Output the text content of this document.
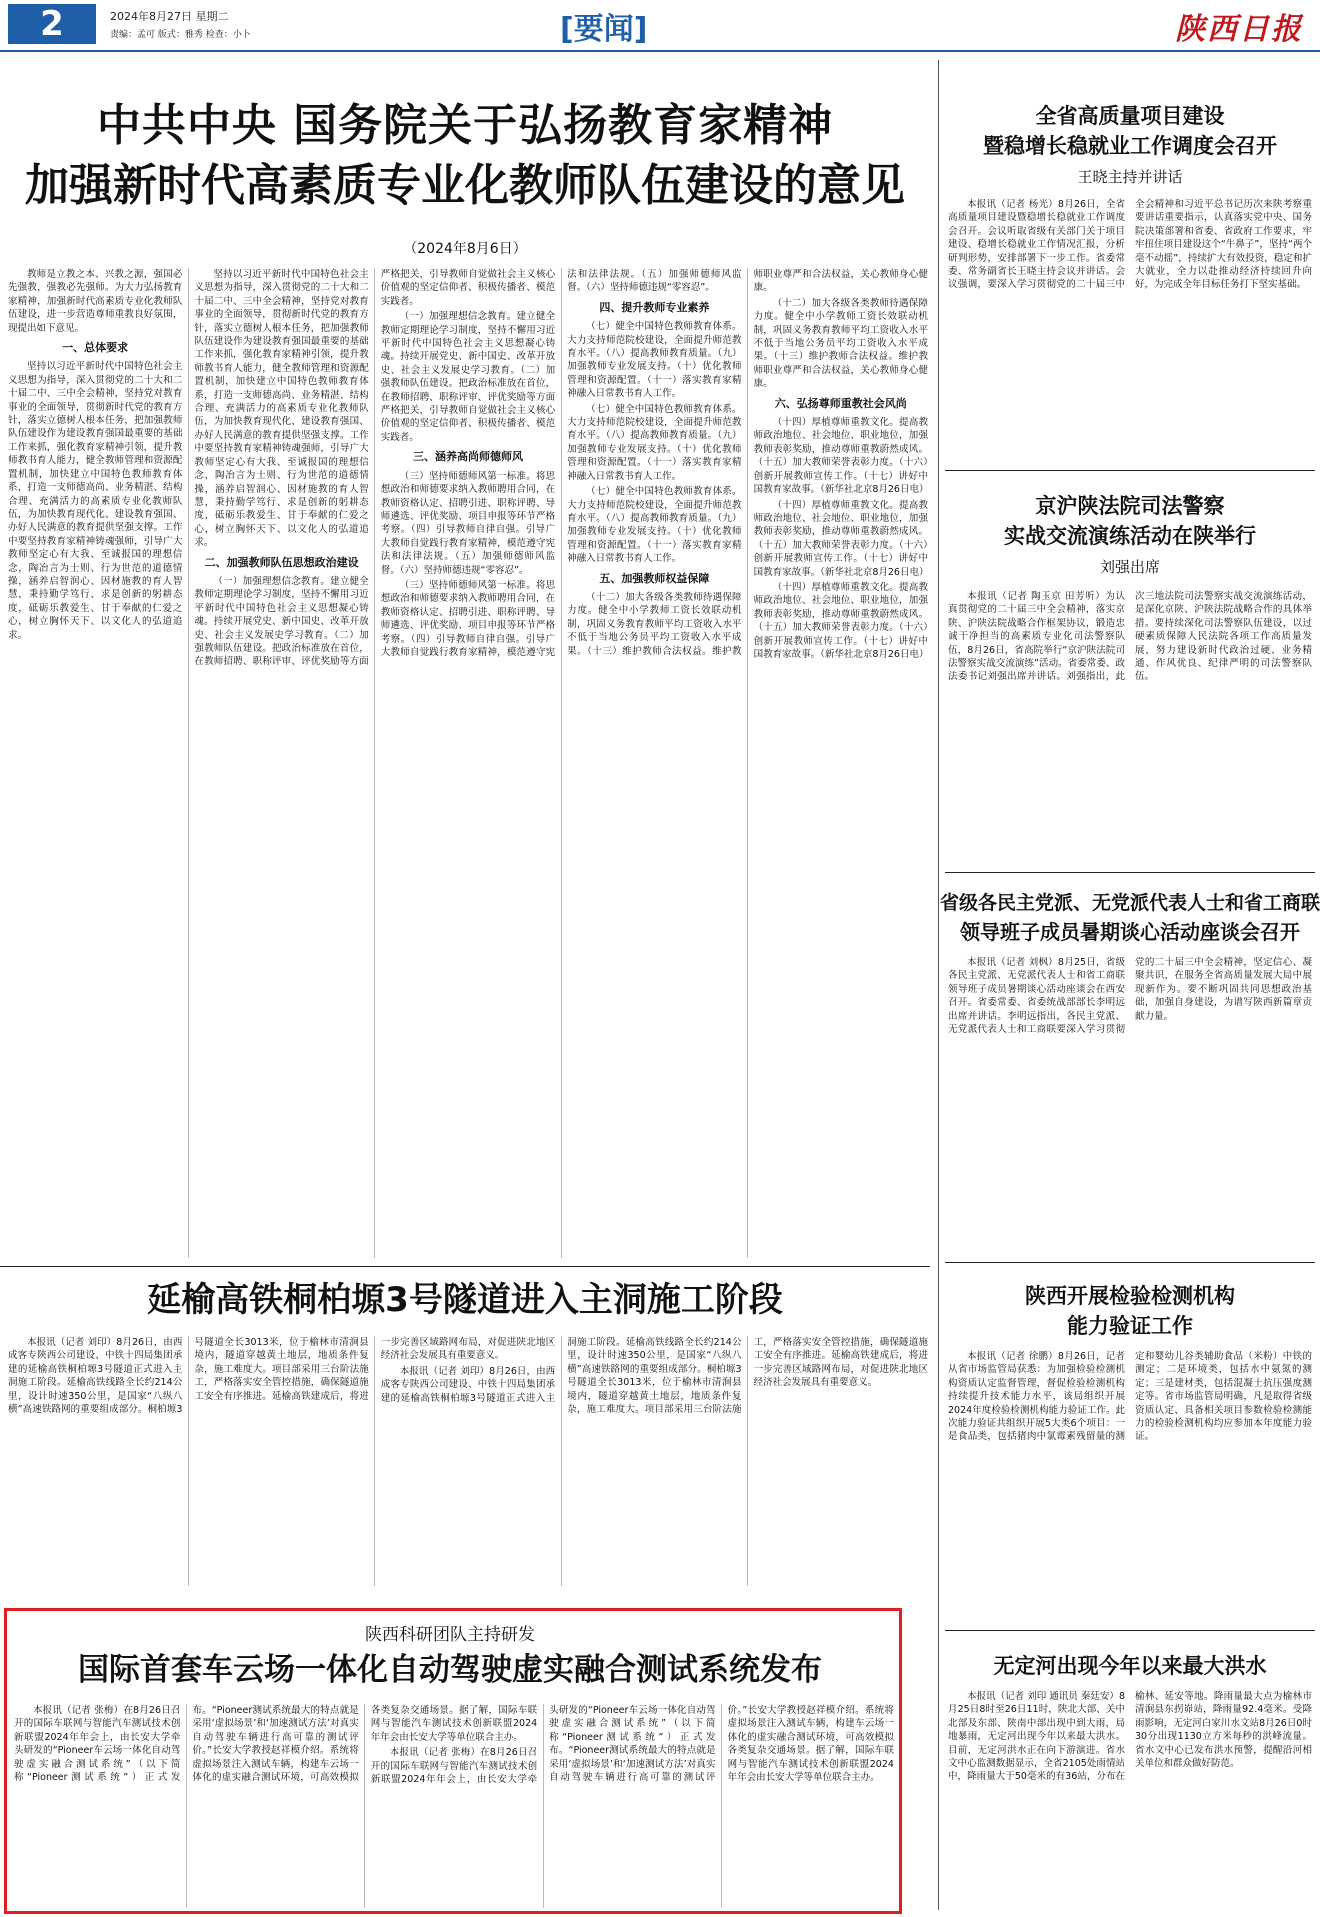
2	2024年8月27日 星期二
责编：孟可 版式：雅秀 检查：小卜	[要闻]	陕西日报
中共中央 国务院关于弘扬教育家精神
加强新时代高素质专业化教师队伍建设的意见
（2024年8月6日）

教师是立教之本、兴教之源，强国必先强教，强教必先强师。为大力弘扬教育家精神，加强新时代高素质专业化教师队伍建设，进一步营造尊师重教良好氛围，现提出如下意见。

一、总体要求

坚持以习近平新时代中国特色社会主义思想为指导，深入贯彻党的二十大和二十届二中、三中全会精神，坚持党对教育事业的全面领导，贯彻新时代党的教育方针，落实立德树人根本任务，把加强教师队伍建设作为建设教育强国最重要的基础工作来抓，强化教育家精神引领，提升教师教书育人能力，健全教师管理和资源配置机制，加快建立中国特色教师教育体系，打造一支师德高尚、业务精湛、结构合理、充满活力的高素质专业化教师队伍，为加快教育现代化、建设教育强国、办好人民满意的教育提供坚强支撑。工作中要坚持教育家精神铸魂强师，引导广大教师坚定心有大我、至诚报国的理想信念，陶冶言为士则、行为世范的道德情操，涵养启智润心、因材施教的育人智慧，秉持勤学笃行、求是创新的躬耕态度，砥砺乐教爱生、甘于奉献的仁爱之心，树立胸怀天下、以文化人的弘道追求。

坚持以习近平新时代中国特色社会主义思想为指导，深入贯彻党的二十大和二十届二中、三中全会精神，坚持党对教育事业的全面领导，贯彻新时代党的教育方针，落实立德树人根本任务，把加强教师队伍建设作为建设教育强国最重要的基础工作来抓，强化教育家精神引领，提升教师教书育人能力，健全教师管理和资源配置机制，加快建立中国特色教师教育体系，打造一支师德高尚、业务精湛、结构合理、充满活力的高素质专业化教师队伍，为加快教育现代化、建设教育强国、办好人民满意的教育提供坚强支撑。工作中要坚持教育家精神铸魂强师，引导广大教师坚定心有大我、至诚报国的理想信念，陶冶言为士则、行为世范的道德情操，涵养启智润心、因材施教的育人智慧，秉持勤学笃行、求是创新的躬耕态度，砥砺乐教爱生、甘于奉献的仁爱之心，树立胸怀天下、以文化人的弘道追求。

二、加强教师队伍思想政治建设

（一）加强理想信念教育。建立健全教师定期理论学习制度，坚持不懈用习近平新时代中国特色社会主义思想凝心铸魂。持续开展党史、新中国史、改革开放史、社会主义发展史学习教育。（二）加强教师队伍建设。把政治标准放在首位，在教师招聘、职称评审、评优奖励等方面严格把关，引导教师自觉做社会主义核心价值观的坚定信仰者、积极传播者、模范实践者。

（一）加强理想信念教育。建立健全教师定期理论学习制度，坚持不懈用习近平新时代中国特色社会主义思想凝心铸魂。持续开展党史、新中国史、改革开放史、社会主义发展史学习教育。（二）加强教师队伍建设。把政治标准放在首位，在教师招聘、职称评审、评优奖励等方面严格把关，引导教师自觉做社会主义核心价值观的坚定信仰者、积极传播者、模范实践者。

三、涵养高尚师德师风

（三）坚持师德师风第一标准。将思想政治和师德要求纳入教师聘用合同，在教师资格认定、招聘引进、职称评聘、导师遴选、评优奖励、项目申报等环节严格考察。（四）引导教师自律自强。引导广大教师自觉践行教育家精神，模范遵守宪法和法律法规。（五）加强师德师风监督。（六）坚持师德违规“零容忍”。

（三）坚持师德师风第一标准。将思想政治和师德要求纳入教师聘用合同，在教师资格认定、招聘引进、职称评聘、导师遴选、评优奖励、项目申报等环节严格考察。（四）引导教师自律自强。引导广大教师自觉践行教育家精神，模范遵守宪法和法律法规。（五）加强师德师风监督。（六）坚持师德违规“零容忍”。

四、提升教师专业素养

（七）健全中国特色教师教育体系。大力支持师范院校建设，全面提升师范教育水平。（八）提高教师教育质量。（九）加强教师专业发展支持。（十）优化教师管理和资源配置。（十一）落实教育家精神融入日常教书育人工作。

（七）健全中国特色教师教育体系。大力支持师范院校建设，全面提升师范教育水平。（八）提高教师教育质量。（九）加强教师专业发展支持。（十）优化教师管理和资源配置。（十一）落实教育家精神融入日常教书育人工作。

（七）健全中国特色教师教育体系。大力支持师范院校建设，全面提升师范教育水平。（八）提高教师教育质量。（九）加强教师专业发展支持。（十）优化教师管理和资源配置。（十一）落实教育家精神融入日常教书育人工作。

五、加强教师权益保障

（十二）加大各级各类教师待遇保障力度。健全中小学教师工资长效联动机制，巩固义务教育教师平均工资收入水平不低于当地公务员平均工资收入水平成果。（十三）维护教师合法权益。维护教师职业尊严和合法权益，关心教师身心健康。

（十二）加大各级各类教师待遇保障力度。健全中小学教师工资长效联动机制，巩固义务教育教师平均工资收入水平不低于当地公务员平均工资收入水平成果。（十三）维护教师合法权益。维护教师职业尊严和合法权益，关心教师身心健康。

六、弘扬尊师重教社会风尚

（十四）厚植尊师重教文化。提高教师政治地位、社会地位、职业地位，加强教师表彰奖励，推动尊师重教蔚然成风。（十五）加大教师荣誉表彰力度。（十六）创新开展教师宣传工作。（十七）讲好中国教育家故事。（新华社北京8月26日电）

（十四）厚植尊师重教文化。提高教师政治地位、社会地位、职业地位，加强教师表彰奖励，推动尊师重教蔚然成风。（十五）加大教师荣誉表彰力度。（十六）创新开展教师宣传工作。（十七）讲好中国教育家故事。（新华社北京8月26日电）

（十四）厚植尊师重教文化。提高教师政治地位、社会地位、职业地位，加强教师表彰奖励，推动尊师重教蔚然成风。（十五）加大教师荣誉表彰力度。（十六）创新开展教师宣传工作。（十七）讲好中国教育家故事。（新华社北京8月26日电）

延榆高铁桐柏塬3号隧道进入主洞施工阶段

本报讯（记者 刘印）8月26日，由西成客专陕西公司建设、中铁十四局集团承建的延榆高铁桐柏塬3号隧道正式进入主洞施工阶段。延榆高铁线路全长约214公里，设计时速350公里，是国家“八纵八横”高速铁路网的重要组成部分。桐柏塬3号隧道全长3013米，位于榆林市清涧县境内，隧道穿越黄土地层，地质条件复杂，施工难度大。项目部采用三台阶法施工，严格落实安全管控措施，确保隧道施工安全有序推进。延榆高铁建成后，将进一步完善区域路网布局，对促进陕北地区经济社会发展具有重要意义。

本报讯（记者 刘印）8月26日，由西成客专陕西公司建设、中铁十四局集团承建的延榆高铁桐柏塬3号隧道正式进入主洞施工阶段。延榆高铁线路全长约214公里，设计时速350公里，是国家“八纵八横”高速铁路网的重要组成部分。桐柏塬3号隧道全长3013米，位于榆林市清涧县境内，隧道穿越黄土地层，地质条件复杂，施工难度大。项目部采用三台阶法施工，严格落实安全管控措施，确保隧道施工安全有序推进。延榆高铁建成后，将进一步完善区域路网布局，对促进陕北地区经济社会发展具有重要意义。

陕西科研团队主持研发
国际首套车云场一体化自动驾驶虚实融合测试系统发布

本报讯（记者 张梅）在8月26日召开的国际车联网与智能汽车测试技术创新联盟2024年年会上，由长安大学牵头研发的“Pioneer车云场一体化自动驾驶虚实融合测试系统”（以下简称“Pioneer测试系统”）正式发布。“Pioneer测试系统最大的特点就是采用‘虚拟场景’和‘加速测试方法’对真实自动驾驶车辆进行高可靠的测试评价。”长安大学教授赵祥模介绍。系统将虚拟场景注入测试车辆，构建车云场一体化的虚实融合测试环境，可高效模拟各类复杂交通场景。据了解，国际车联网与智能汽车测试技术创新联盟2024年年会由长安大学等单位联合主办。

本报讯（记者 张梅）在8月26日召开的国际车联网与智能汽车测试技术创新联盟2024年年会上，由长安大学牵头研发的“Pioneer车云场一体化自动驾驶虚实融合测试系统”（以下简称“Pioneer测试系统”）正式发布。“Pioneer测试系统最大的特点就是采用‘虚拟场景’和‘加速测试方法’对真实自动驾驶车辆进行高可靠的测试评价。”长安大学教授赵祥模介绍。系统将虚拟场景注入测试车辆，构建车云场一体化的虚实融合测试环境，可高效模拟各类复杂交通场景。据了解，国际车联网与智能汽车测试技术创新联盟2024年年会由长安大学等单位联合主办。

全省高质量项目建设
暨稳增长稳就业工作调度会召开
王晓主持并讲话

本报讯（记者 杨光）8月26日，全省高质量项目建设暨稳增长稳就业工作调度会召开。会议听取省级有关部门关于项目建设、稳增长稳就业工作情况汇报，分析研判形势，安排部署下一步工作。省委常委、常务副省长王晓主持会议并讲话。会议强调，要深入学习贯彻党的二十届三中全会精神和习近平总书记历次来陕考察重要讲话重要指示，认真落实党中央、国务院决策部署和省委、省政府工作要求，牢牢扭住项目建设这个“牛鼻子”，坚持“两个毫不动摇”，持续扩大有效投资，稳定和扩大就业，全力以赴推动经济持续回升向好，为完成全年目标任务打下坚实基础。

京沪陕法院司法警察
实战交流演练活动在陕举行
刘强出席

本报讯（记者 陶玉京 田芳听）为认真贯彻党的二十届三中全会精神，落实京陕、沪陕法院战略合作框架协议，锻造忠诚干净担当的高素质专业化司法警察队伍，8月26日，省高院举行“京沪陕法院司法警察实战交流演练”活动。省委常委、政法委书记刘强出席并讲话。刘强指出，此次三地法院司法警察实战交流演练活动，是深化京陕、沪陕法院战略合作的具体举措。要持续深化司法警察队伍建设，以过硬素质保障人民法院各项工作高质量发展，努力建设新时代政治过硬、业务精通、作风优良、纪律严明的司法警察队伍。

省级各民主党派、无党派代表人士和省工商联
领导班子成员暑期谈心活动座谈会召开

本报讯（记者 刘枫）8月25日，省级各民主党派、无党派代表人士和省工商联领导班子成员暑期谈心活动座谈会在西安召开。省委常委、省委统战部部长李明远出席并讲话。李明远指出，各民主党派、无党派代表人士和工商联要深入学习贯彻党的二十届三中全会精神，坚定信心、凝聚共识，在服务全省高质量发展大局中展现新作为。要不断巩固共同思想政治基础，加强自身建设，为谱写陕西新篇章贡献力量。

陕西开展检验检测机构
能力验证工作

本报讯（记者 徐鹏）8月26日，记者从省市场监管局获悉：为加强检验检测机构资质认定监督管理，督促检验检测机构持续提升技术能力水平，该局组织开展2024年度检验检测机构能力验证工作。此次能力验证共组织开展5大类6个项目：一是食品类，包括猪肉中氯霉素残留量的测定和婴幼儿谷类辅助食品（米粉）中铁的测定；二是环境类，包括水中氨氮的测定；三是建材类，包括混凝土抗压强度测定等。省市场监管局明确，凡是取得省级资质认定、具备相关项目参数检验检测能力的检验检测机构均应参加本年度能力验证。

无定河出现今年以来最大洪水

本报讯（记者 刘印 通讯员 秦廷安）8月25日8时至26日11时，陕北大部、关中北部及东部、陕南中部出现中到大雨，局地暴雨，无定河出现今年以来最大洪水。目前，无定河洪水正在向下游演进。省水文中心监测数据显示，全省2105处雨情站中，降雨量大于50毫米的有36站，分布在榆林、延安等地。降雨量最大点为榆林市清涧县东拐峁站，降雨量92.4毫米。受降雨影响，无定河白家川水文站8月26日0时30分出现1130立方米每秒的洪峰流量。省水文中心已发布洪水预警，提醒沿河相关单位和群众做好防范。
